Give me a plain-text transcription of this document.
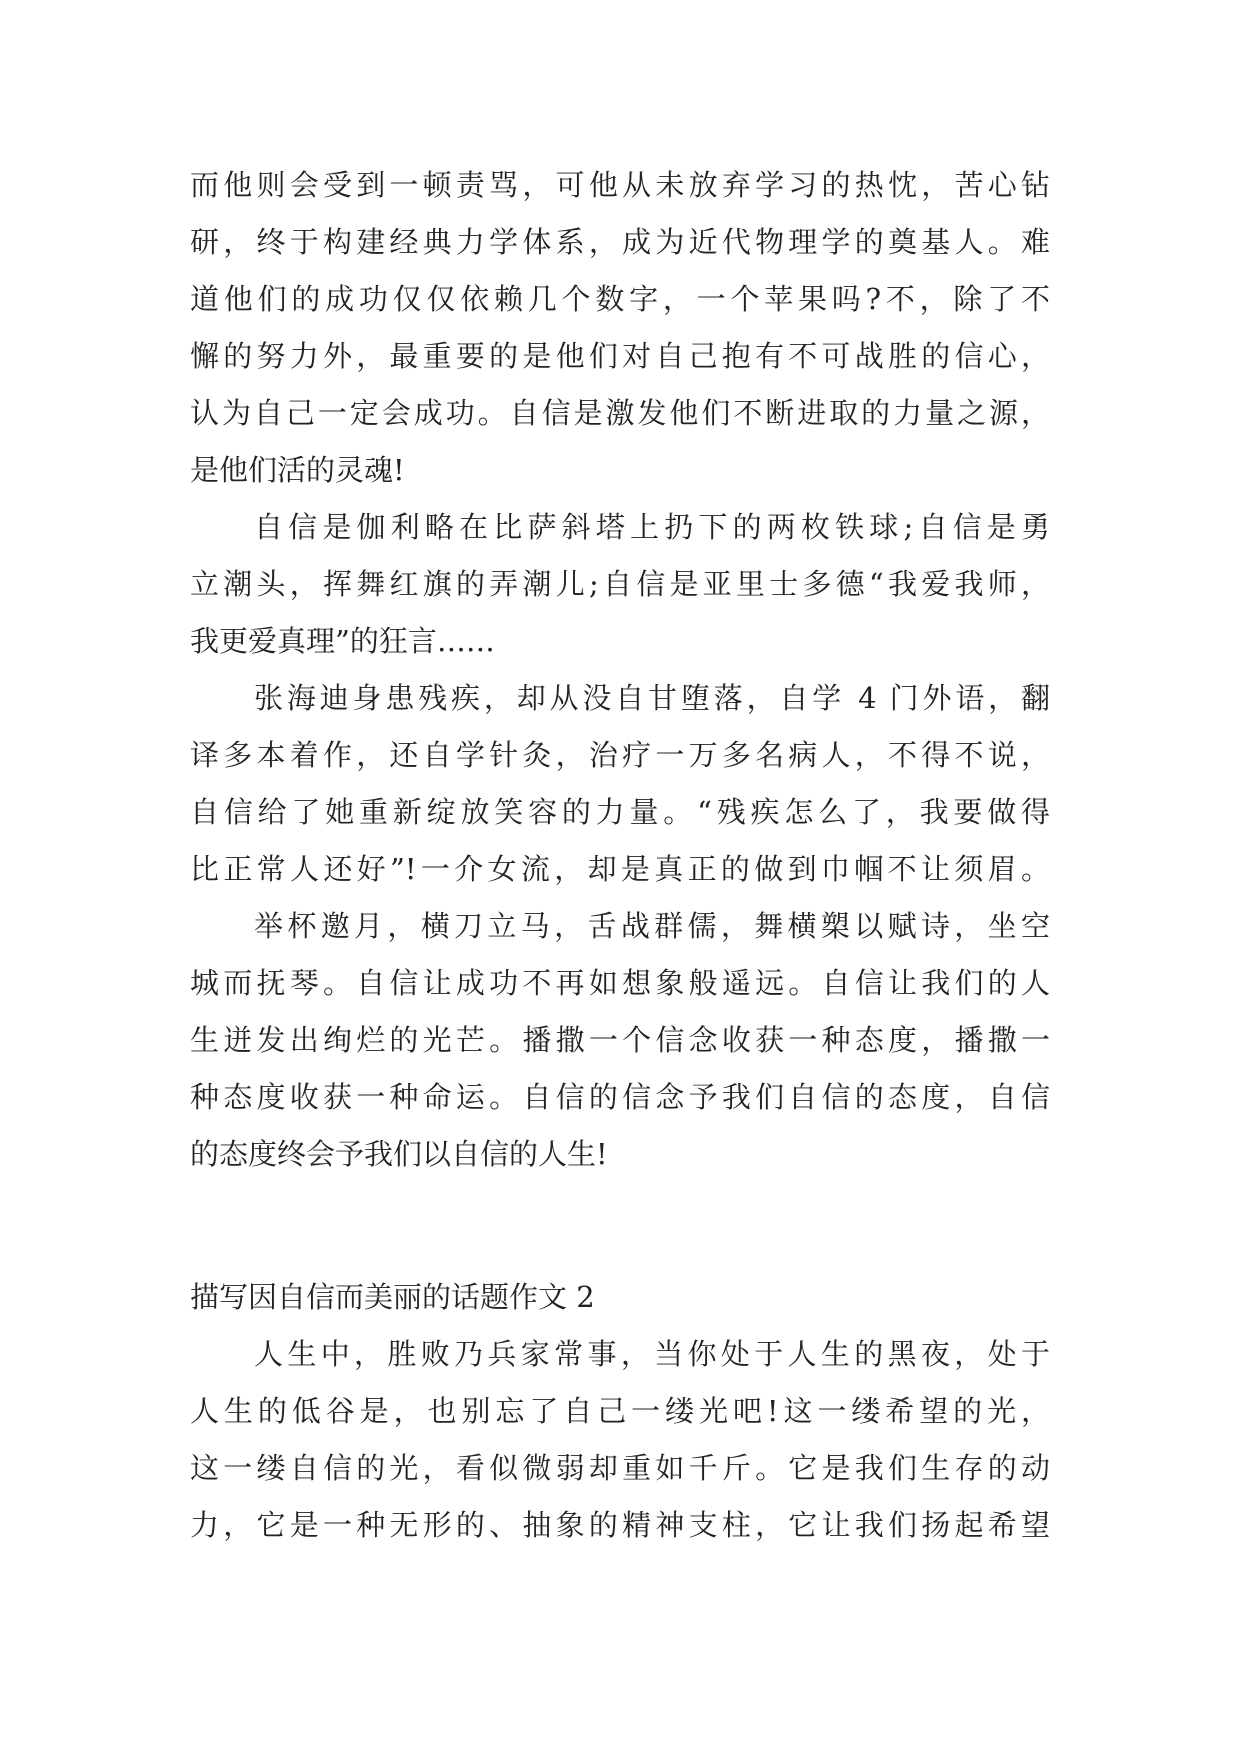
而他则会受到一顿责骂，可他从未放弃学习的热忱，苦心钻
研，终于构建经典力学体系，成为近代物理学的奠基人。难
道他们的成功仅仅依赖几个数字，一个苹果吗?不，除了不
懈的努力外，最重要的是他们对自己抱有不可战胜的信心，
认为自己一定会成功。自信是激发他们不断进取的力量之源，
是他们活的灵魂!
自信是伽利略在比萨斜塔上扔下的两枚铁球;自信是勇
立潮头，挥舞红旗的弄潮儿;自信是亚里士多德“我爱我师，
我更爱真理”的狂言……
张海迪身患残疾，却从没自甘堕落，自学 4 门外语，翻
译多本着作，还自学针灸，治疗一万多名病人，不得不说，
自信给了她重新绽放笑容的力量。“残疾怎么了，我要做得
比正常人还好”!一介女流，却是真正的做到巾帼不让须眉。
举杯邀月，横刀立马，舌战群儒，舞横槊以赋诗，坐空
城而抚琴。自信让成功不再如想象般遥远。自信让我们的人
生迸发出绚烂的光芒。播撒一个信念收获一种态度，播撒一
种态度收获一种命运。自信的信念予我们自信的态度，自信
的态度终会予我们以自信的人生!
描写因自信而美丽的话题作文 2
人生中，胜败乃兵家常事，当你处于人生的黑夜，处于
人生的低谷是，也别忘了自己一缕光吧!这一缕希望的光，
这一缕自信的光，看似微弱却重如千斤。它是我们生存的动
力，它是一种无形的、抽象的精神支柱，它让我们扬起希望
